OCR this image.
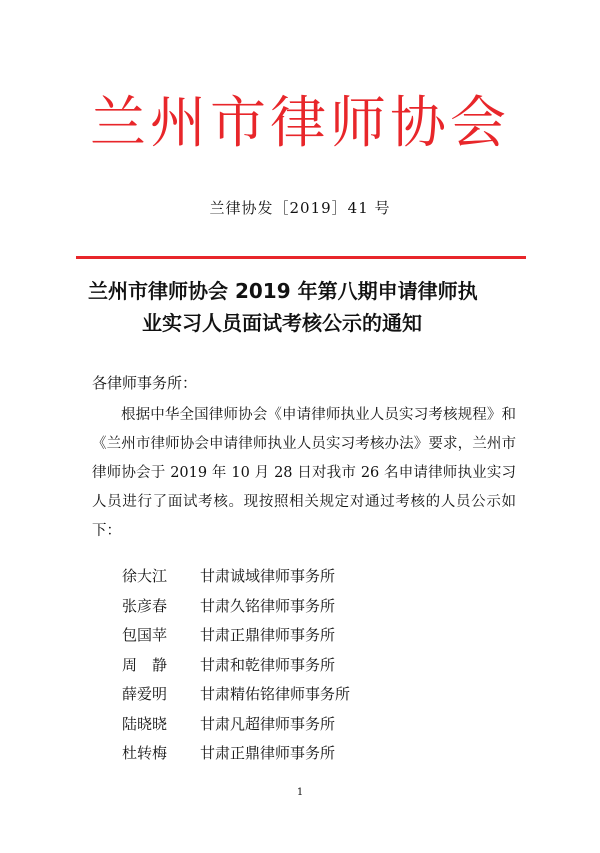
兰州市律师协会
兰律协发［2019］41 号
兰州市律师协会 2019 年第八期申请律师执
业实习人员面试考核公示的通知
各律师事务所：
根据中华全国律师协会《申请律师执业人员实习考核规程》和《兰州市律师协会申请律师执业人员实习考核办法》要求，兰州市律师协会于 2019 年 10 月 28 日对我市 26 名申请律师执业实习人员进行了面试考核。现按照相关规定对通过考核的人员公示如下：
徐大江 甘肃诚域律师事务所
张彦春 甘肃久铭律师事务所
包国苹 甘肃正鼎律师事务所
周　静 甘肃和乾律师事务所
薛爱明 甘肃精佑铭律师事务所
陆晓晓 甘肃凡超律师事务所
杜转梅 甘肃正鼎律师事务所
1
